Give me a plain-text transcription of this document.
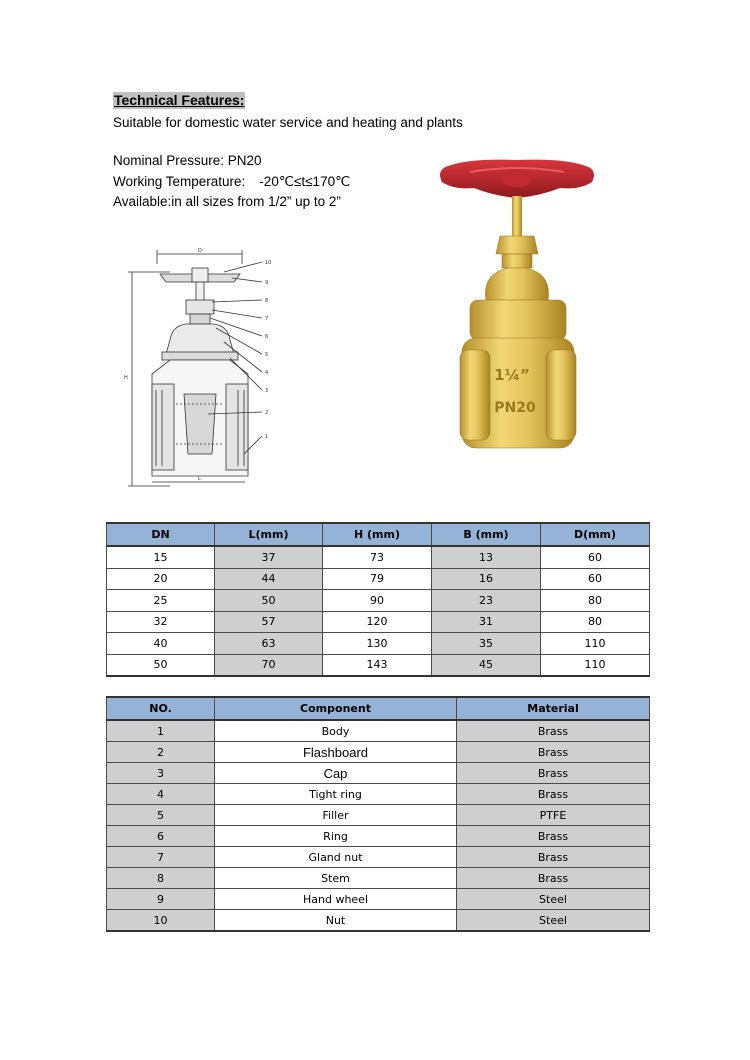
Technical Features:
Suitable for domestic water service and heating and plants
Nominal Pressure: PN20
Working Temperature: -20℃≤t≤170℃
Available:in all sizes from 1/2” up to 2”
10
9
8
7
6
5
4
3
2
1
D
H
L
1¼”
PN20
DN	L(mm)	H (mm)	B (mm)	D(mm)
15	37	73	13	60
20	44	79	16	60
25	50	90	23	80
32	57	120	31	80
40	63	130	35	110
50	70	143	45	110
NO.	Component	Material
1	Body	Brass
2	Flashboard	Brass
3	Cap	Brass
4	Tight ring	Brass
5	Filler	PTFE
6	Ring	Brass
7	Gland nut	Brass
8	Stem	Brass
9	Hand wheel	Steel
10	Nut	Steel
